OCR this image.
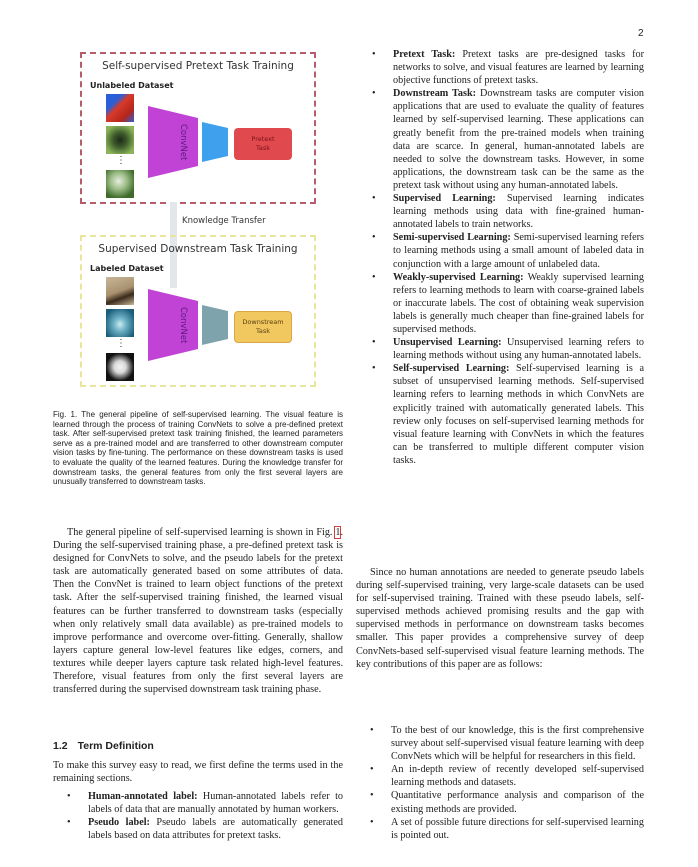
2
Self-supervised Pretext Task Training
Unlabeled Dataset
⋮
ConvNet	Pretext
Task
Knowledge Transfer
Supervised Downstream Task Training
Labeled Dataset
⋮
ConvNet	Downstream
Task
Fig. 1. The general pipeline of self-supervised learning. The visual feature is learned through the process of training ConvNets to solve a pre-defined pretext task. After self-supervised pretext task training finished, the learned parameters serve as a pre-trained model and are transferred to other downstream computer vision tasks by fine-tuning. The performance on these downstream tasks is used to evaluate the quality of the learned features. During the knowledge transfer for downstream tasks, the general features from only the first several layers are unusually transferred to downstream tasks.
The general pipeline of self-supervised learning is shown in Fig. 1. During the self-supervised training phase, a pre-defined pretext task is designed for ConvNets to solve, and the pseudo labels for the pretext task are automatically generated based on some attributes of data. Then the ConvNet is trained to learn object functions of the pretext task. After the self-supervised training finished, the learned visual features can be further transferred to downstream tasks (especially when only relatively small data available) as pre-trained models to improve performance and overcome over-fitting. Generally, shallow layers capture general low-level features like edges, corners, and textures while deeper layers capture task related high-level features. Therefore, visual features from only the first several layers are transferred during the supervised downstream task training phase.
1.2 Term Definition
To make this survey easy to read, we first define the terms used in the remaining sections.
• Human-annotated label: Human-annotated labels refer to labels of data that are manually annotated by human workers.
• Pseudo label: Pseudo labels are automatically generated labels based on data attributes for pretext tasks.
• Pretext Task: Pretext tasks are pre-designed tasks for networks to solve, and visual features are learned by learning objective functions of pretext tasks.
• Downstream Task: Downstream tasks are computer vision applications that are used to evaluate the quality of features learned by self-supervised learning. These applications can greatly benefit from the pre-trained models when training data are scarce. In general, human-annotated labels are needed to solve the downstream tasks. However, in some applications, the downstream task can be the same as the pretext task without using any human-annotated labels.
• Supervised Learning: Supervised learning indicates learning methods using data with fine-grained human-annotated labels to train networks.
• Semi-supervised Learning: Semi-supervised learning refers to learning methods using a small amount of labeled data in conjunction with a large amount of unlabeled data.
• Weakly-supervised Learning: Weakly supervised learning refers to learning methods to learn with coarse-grained labels or inaccurate labels. The cost of obtaining weak supervision labels is generally much cheaper than fine-grained labels for supervised methods.
• Unsupervised Learning: Unsupervised learning refers to learning methods without using any human-annotated labels.
• Self-supervised Learning: Self-supervised learning is a subset of unsupervised learning methods. Self-supervised learning refers to learning methods in which ConvNets are explicitly trained with automatically generated labels. This review only focuses on self-supervised learning methods for visual feature learning with ConvNets in which the features can be transferred to multiple different computer vision tasks.
Since no human annotations are needed to generate pseudo labels during self-supervised training, very large-scale datasets can be used for self-supervised training. Trained with these pseudo labels, self-supervised methods achieved promising results and the gap with supervised methods in performance on downstream tasks becomes smaller. This paper provides a comprehensive survey of deep ConvNets-based self-supervised visual feature learning methods. The key contributions of this paper are as follows:
• To the best of our knowledge, this is the first comprehensive survey about self-supervised visual feature learning with deep ConvNets which will be helpful for researchers in this field.
• An in-depth review of recently developed self-supervised learning methods and datasets.
• Quantitative performance analysis and comparison of the existing methods are provided.
• A set of possible future directions for self-supervised learning is pointed out.
